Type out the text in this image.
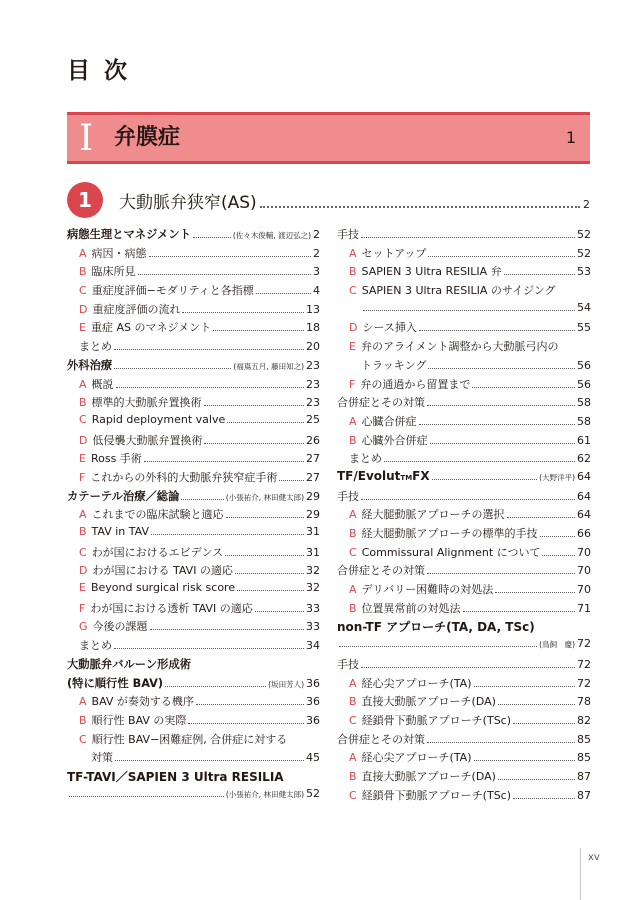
目 次
I 弁膜症	1
1	大動脈弁狭窄(AS)	2
病態生理とマネジメント	(佐々木俊輔, 渡辺弘之) 2
A 病因・病態	2
B 臨床所見	3
C 重症度評価−モダリティと各指標	4
D 重症度評価の流れ	13
E 重症 AS のマネジメント	18
まとめ	20
外科治療	(福嶌五月, 藤田知之) 23
A 概説	23
B 標準的大動脈弁置換術	23
C Rapid deployment valve	25
D 低侵襲大動脈弁置換術	26
E Ross 手術	27
F これからの外科的大動脈弁狭窄症手術	27
カテーテル治療／総論	(小張祐介, 林田健太郎) 29
A これまでの臨床試験と適応	29
B TAV in TAV	31
C わが国におけるエビデンス	31
D わが国における TAVI の適応	32
E Beyond surgical risk score	32
F わが国における透析 TAVI の適応	33
G 今後の課題	33
まとめ	34
大動脈弁バルーン形成術
(特に順行性 BAV)	(坂田芳人) 36
A BAV が奏効する機序	36
B 順行性 BAV の実際	36
C 順行性 BAV−困難症例, 合併症に対する
対策	45
TF-TAVI／SAPIEN 3 Ultra RESILIA
(小張祐介, 林田健太郎) 52
手技	52
A セットアップ	52
B SAPIEN 3 Ultra RESILIA 弁	53
C SAPIEN 3 Ultra RESILIA のサイジング
54
D シース挿入	55
E 弁のアライメント調整から大動脈弓内の
トラッキング	56
F 弁の通過から留置まで	56
合併症とその対策	58
A 心臓合併症	58
B 心臓外合併症	61
まとめ	62
TF/Evolut TM FX	(大野洋平) 64
手技	64
A 経大腿動脈アプローチの選択	64
B 経大腿動脈アプローチの標準的手技	66
C Commissural Alignment について	70
合併症とその対策	70
A デリバリー困難時の対処法	70
B 位置異常前の対処法	71
non-TF アプローチ(TA, DA, TSc)
(鳥飼　慶) 72
手技	72
A 経心尖アプローチ(TA)	72
B 直接大動脈アプローチ(DA)	78
C 経鎖骨下動脈アプローチ(TSc)	82
合併症とその対策	85
A 経心尖アプローチ(TA)	85
B 直接大動脈アプローチ(DA)	87
C 経鎖骨下動脈アプローチ(TSc)	87
xv
